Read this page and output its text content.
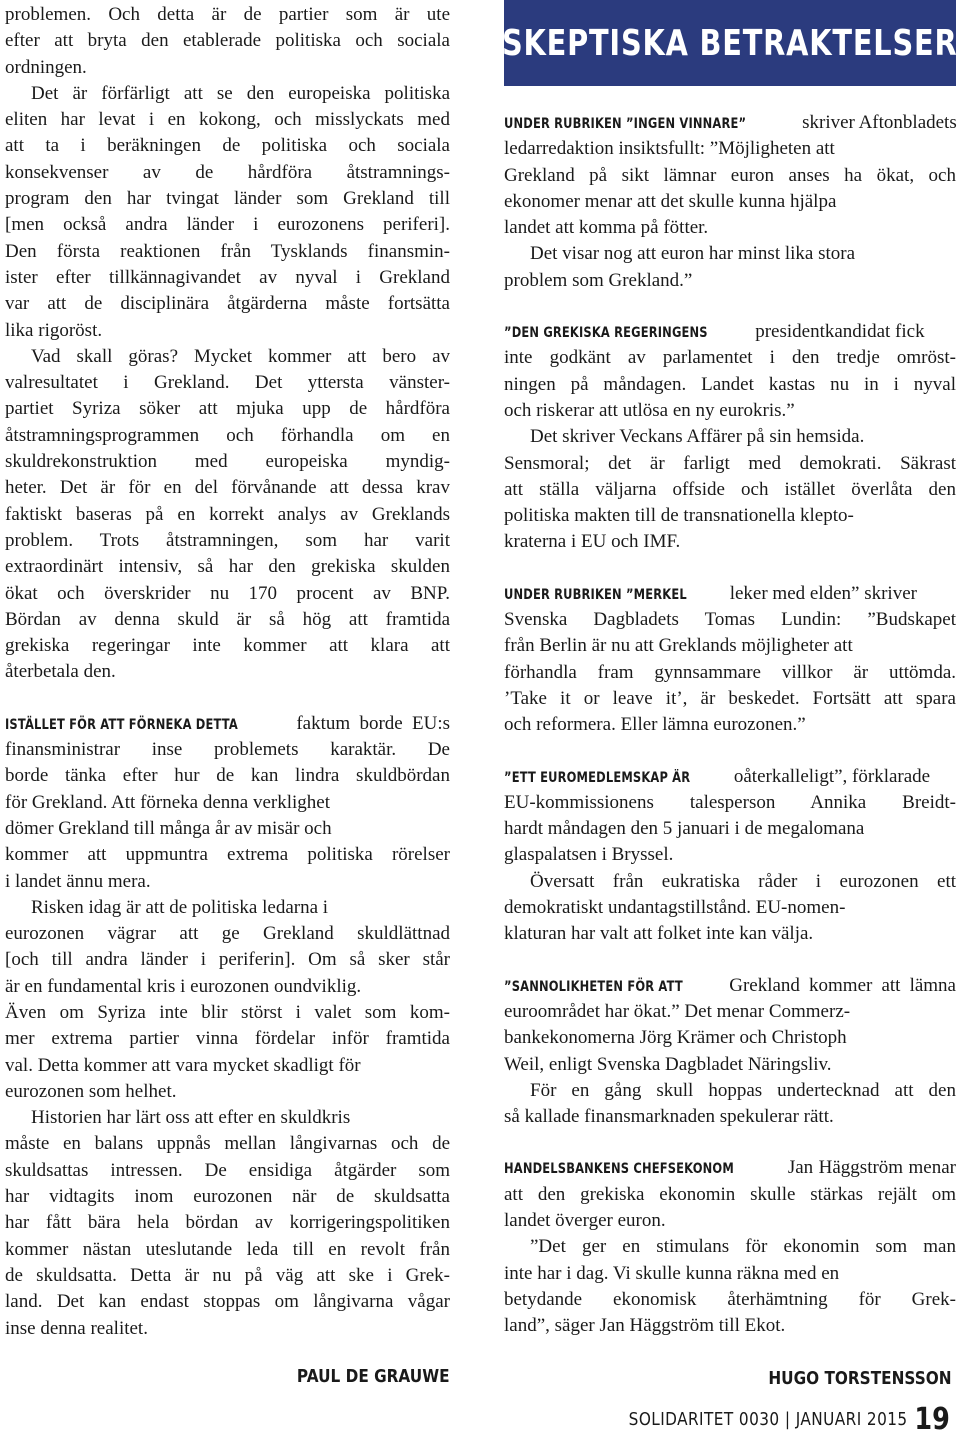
problemen. Och detta är de partier som är ute
efter att bryta den etablerade politiska och sociala
ordningen.
Det är förfärligt att se den europeiska politiska
eliten har levat i en kokong, och misslyckats med
att ta i beräkningen de politiska och sociala
konsekvenser av de hårdföra åtstramnings-
program den har tvingat länder som Grekland till
[men också andra länder i eurozonens periferi].
Den första reaktionen från Tysklands finansmin-
ister efter tillkännagivandet av nyval i Grekland
var att de disciplinära åtgärderna måste fortsätta
lika rigoröst.
Vad skall göras? Mycket kommer att bero av
valresultatet i Grekland. Det yttersta vänster-
partiet Syriza söker att mjuka upp de hårdföra
åtstramningsprogrammen och förhandla om en
skuldrekonstruktion med europeiska myndig-
heter. Det är för en del förvånande att dessa krav
faktiskt baseras på en korrekt analys av Greklands
problem. Trots åtstramningen, som har varit
extraordinärt intensiv, så har den grekiska skulden
ökat och överskrider nu 170 procent av BNP.
Bördan av denna skuld är så hög att framtida
grekiska regeringar inte kommer att klara att
återbetala den.
ISTÄLLET FÖR ATT FÖRNEKA DETTA	faktum borde EU:s
finansministrar inse problemets karaktär. De
borde tänka efter hur de kan lindra skuldbördan
för Grekland. Att förneka denna verklighet
dömer Grekland till många år av misär och
kommer att uppmuntra extrema politiska rörelser
i landet ännu mera.
Risken idag är att de politiska ledarna i
eurozonen vägrar att ge Grekland skuldlättnad
[och till andra länder i periferin]. Om så sker står
är en fundamental kris i eurozonen oundviklig.
Även om Syriza inte blir störst i valet som kom-
mer extrema partier vinna fördelar inför framtida
val. Detta kommer att vara mycket skadligt för
eurozonen som helhet.
Historien har lärt oss att efter en skuldkris
måste en balans uppnås mellan långivarnas och de
skuldsattas intressen. De ensidiga åtgärder som
har vidtagits inom eurozonen när de skuldsatta
har fått bära hela bördan av korrigeringspolitiken
kommer nästan uteslutande leda till en revolt från
de skuldsatta. Detta är nu på väg att ske i Grek-
land. Det kan endast stoppas om långivarna vågar
inse denna realitet.
PAUL DE GRAUWE
SKEPTISKA BETRAKTELSER
UNDER RUBRIKEN ”INGEN VINNARE”	skriver Aftonbladets
ledarredaktion insiktsfullt: ”Möjligheten att
Grekland på sikt lämnar euron anses ha ökat, och
ekonomer menar att det skulle kunna hjälpa
landet att komma på fötter.
Det visar nog att euron har minst lika stora
problem som Grekland.”
”DEN GREKISKA REGERINGENS presidentkandidat fick
inte godkänt av parlamentet i den tredje omröst-
ningen på måndagen. Landet kastas nu in i nyval
och riskerar att utlösa en ny eurokris.”
Det skriver Veckans Affärer på sin hemsida.
Sensmoral; det är farligt med demokrati. Säkrast
att ställa väljarna offside och istället överlåta den
politiska makten till de transnationella klepto-
kraterna i EU och IMF.
UNDER RUBRIKEN ”MERKEL leker med elden” skriver
Svenska Dagbladets Tomas Lundin: ”Budskapet
från Berlin är nu att Greklands möjligheter att
förhandla fram gynnsammare villkor är uttömda.
’Take it or leave it’, är beskedet. Fortsätt att spara
och reformera. Eller lämna eurozonen.”
”ETT EUROMEDLEMSKAP ÄR oåterkalleligt”, förklarade
EU-kommissionens talesperson Annika Breidt-
hardt måndagen den 5 januari i de megalomana
glaspalatsen i Bryssel.
Översatt från eukratiska råder i eurozonen ett
demokratiskt undantagstillstånd. EU-nomen-
klaturan har valt att folket inte kan välja.
”SANNOLIKHETEN FÖR ATT Grekland kommer att lämna
euroområdet har ökat.” Det menar Commerz-
bankekonomerna Jörg Krämer och Christoph
Weil, enligt Svenska Dagbladet Näringsliv.
För en gång skull hoppas undertecknad att den
så kallade finansmarknaden spekulerar rätt.
HANDELSBANKENS CHEFSEKONOM	Jan Häggström menar
att den grekiska ekonomin skulle stärkas rejält om
landet överger euron.
”Det ger en stimulans för ekonomin som man
inte har i dag. Vi skulle kunna räkna med en
betydande ekonomisk återhämtning för Grek-
land”, säger Jan Häggström till Ekot.
HUGO TORSTENSSON
SOLIDARITET 0030 | JANUARI 2015 19
